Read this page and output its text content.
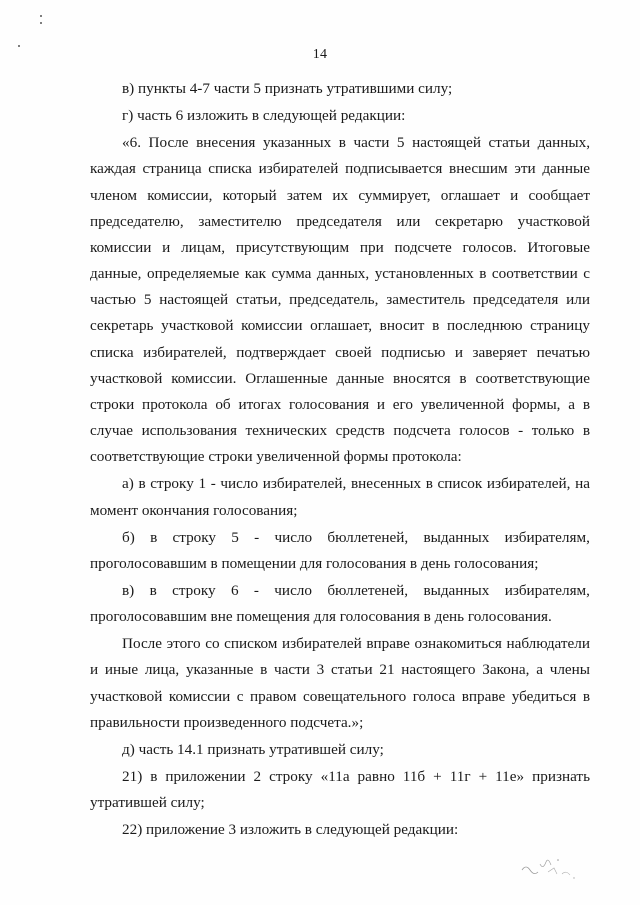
14

в) пункты 4-7 части 5 признать утратившими силу;

г) часть 6 изложить в следующей редакции:

«6. После внесения указанных в части 5 настоящей статьи данных, каждая страница списка избирателей подписывается внесшим эти данные членом комиссии, который затем их суммирует, оглашает и сообщает председателю, заместителю председателя или секретарю участковой комиссии и лицам, присутствующим при подсчете голосов. Итоговые данные, определяемые как сумма данных, установленных в соответствии с частью 5 настоящей статьи, председатель, заместитель председателя или секретарь участковой комиссии оглашает, вносит в последнюю страницу списка избирателей, подтверждает своей подписью и заверяет печатью участковой комиссии. Оглашенные данные вносятся в соответствующие строки протокола об итогах голосования и его увеличенной формы, а в случае использования технических средств подсчета голосов - только в соответствующие строки увеличенной формы протокола:

а) в строку 1 - число избирателей, внесенных в список избирателей, на момент окончания голосования;

б) в строку 5 - число бюллетеней, выданных избирателям,

проголосовавшим в помещении для голосования в день голосования;

в) в строку 6 - число бюллетеней, выданных избирателям,

проголосовавшим вне помещения для голосования в день голосования.

После этого со списком избирателей вправе ознакомиться наблюдатели и иные лица, указанные в части 3 статьи 21 настоящего Закона, а члены участковой комиссии с правом совещательного голоса вправе убедиться в правильности произведенного подсчета.»;

д) часть 14.1 признать утратившей силу;

21) в приложении 2 строку «11а равно 11б + 11г + 11е» признать утратившей силу;

22) приложение 3 изложить в следующей редакции:
